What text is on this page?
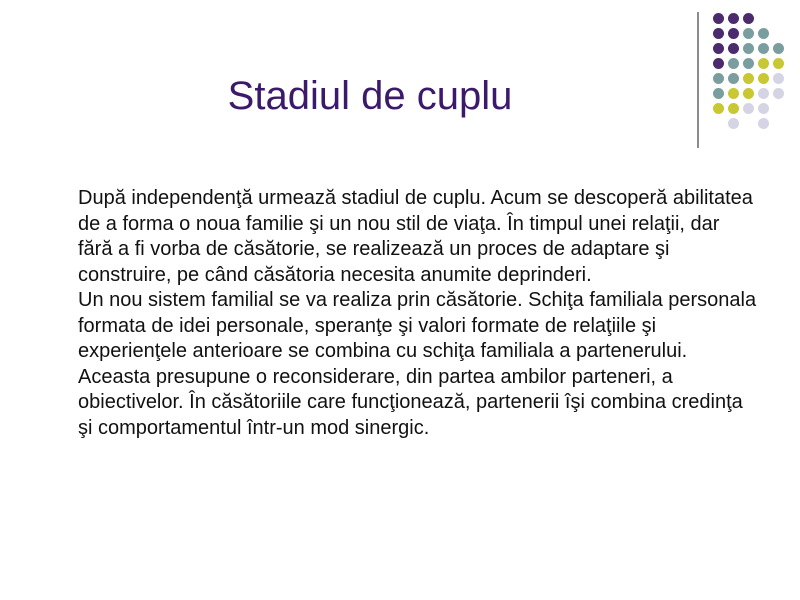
Stadiul de cuplu

După independenţă urmează stadiul de cuplu. Acum se descoperă abilitatea de a forma o noua familie şi un nou stil de viaţa. În timpul unei relaţii, dar fără a fi vorba de căsătorie, se realizează un proces de adaptare şi construire, pe când căsătoria necesita anumite deprinderi.

Un nou sistem familial se va realiza prin căsătorie. Schiţa familiala personala formata de idei personale, speranţe şi valori formate de relaţiile şi experienţele anterioare se combina cu schiţa familiala a partenerului. Aceasta presupune o reconsiderare, din partea ambilor parteneri, a obiectivelor. În căsătoriile care funcţionează, partenerii îşi combina credinţa şi comportamentul într-un mod sinergic.
